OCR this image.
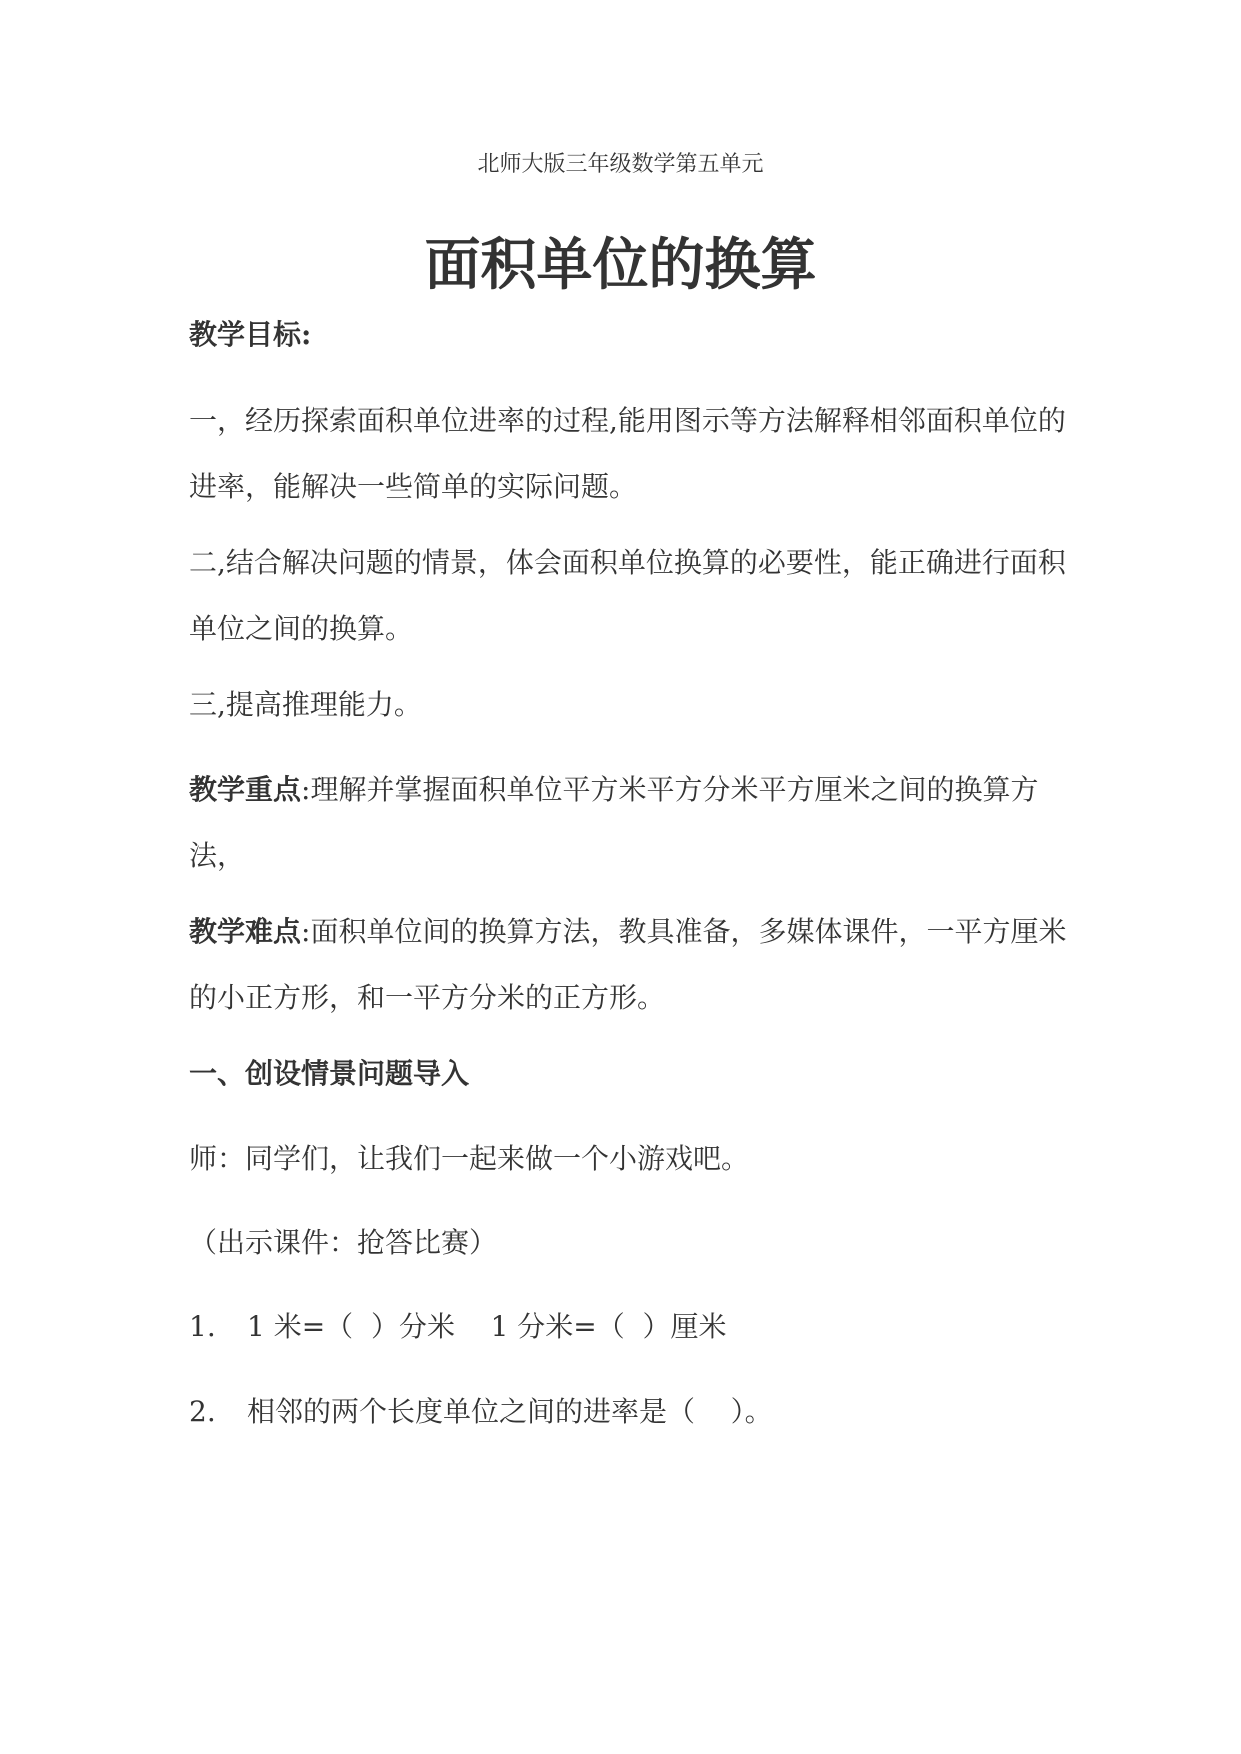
北师大版三年级数学第五单元
面积单位的换算

教学目标:

一，经历探索面积单位进率的过程,能用图示等方法解释相邻面积单位的进率，能解决一些简单的实际问题。

二,结合解决问题的情景，体会面积单位换算的必要性，能正确进行面积单位之间的换算。

三,提高推理能力。

教学重点:理解并掌握面积单位平方米平方分米平方厘米之间的换算方法，

教学难点:面积单位间的换算方法，教具准备，多媒体课件，一平方厘米的小正方形，和一平方分米的正方形。

一、创设情景问题导入

师：同学们，让我们一起来做一个小游戏吧。

（出示课件：抢答比赛）

1. 1 米=（  ）分米    1 分米=（  ）厘米

2. 相邻的两个长度单位之间的进率是（    ）。
